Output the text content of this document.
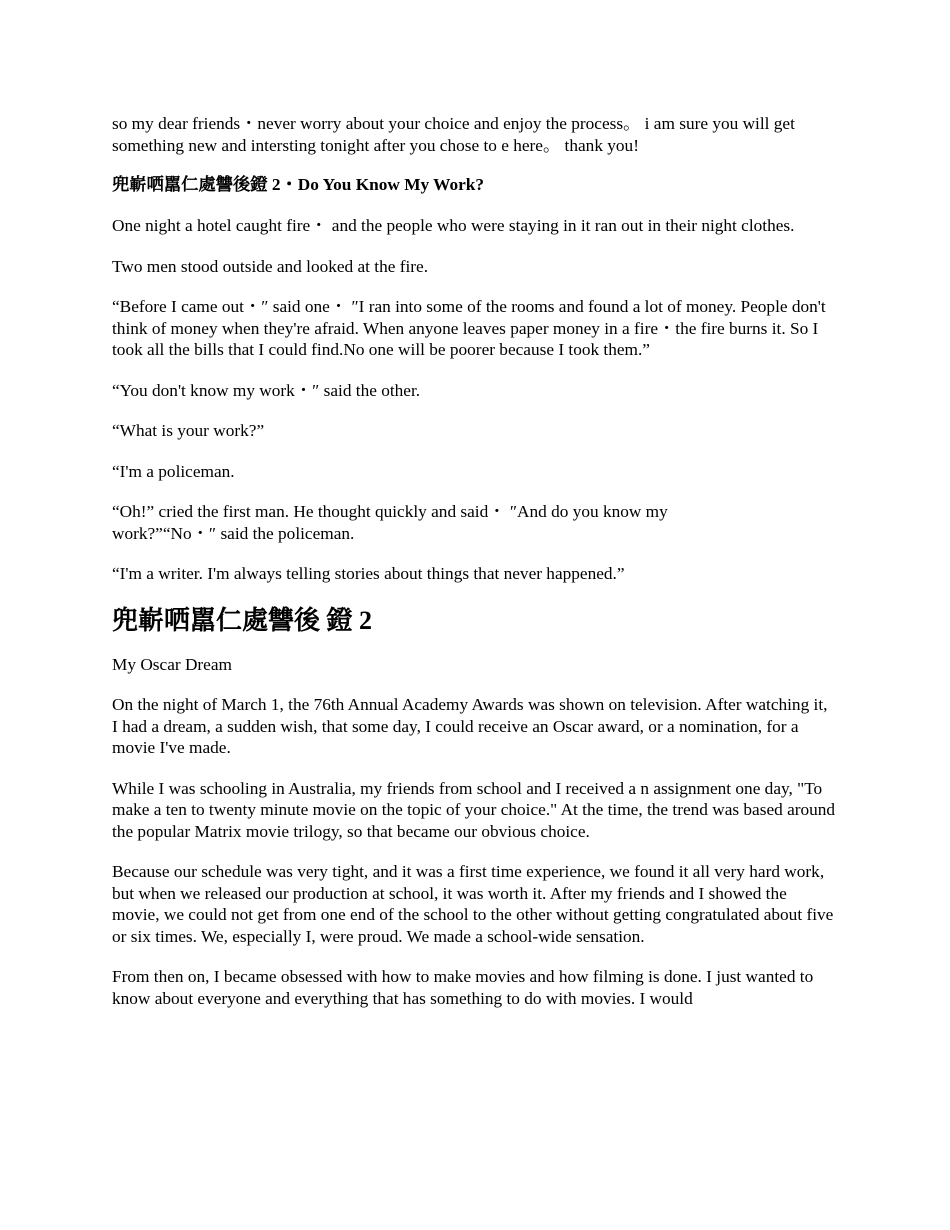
so my dear friends・never worry about your choice and enjoy the process。 i am sure you will get something new and intersting tonight after you chose to e here。 thank you!

兜嶄哂嚚仁處讐後鐙 2・Do You Know My Work?

One night a hotel caught fire・ and the people who were staying in it ran out in their night clothes.

Two men stood outside and looked at the fire.

“Before I came out・″ said one・ ″I ran into some of the rooms and found a lot of money. People don't think of money when they're afraid. When anyone leaves paper money in a fire・the fire burns it. So I took all the bills that I could find.No one will be poorer because I took them.”

“You don't know my work・″ said the other.

“What is your work?”

“I'm a policeman.

“Oh!” cried the first man. He thought quickly and said・ ″And do you know my work?”“No・″ said the policeman.

“I'm a writer. I'm always telling stories about things that never happened.”

兜嶄哂嚚仁處讐後 鐙 2

My Oscar Dream

On the night of March 1, the 76th Annual Academy Awards was shown on television. After watching it, I had a dream, a sudden wish, that some day, I could receive an Oscar award, or a nomination, for a movie I've made.

While I was schooling in Australia, my friends from school and I received a n assignment one day, "To make a ten to twenty minute movie on the topic of your choice." At the time, the trend was based around the popular Matrix movie trilogy, so that became our obvious choice.

Because our schedule was very tight, and it was a first time experience, we found it all very hard work, but when we released our production at school, it was worth it. After my friends and I showed the movie, we could not get from one end of the school to the other without getting congratulated about five or six times. We, especially I, were proud. We made a school-wide sensation.

From then on, I became obsessed with how to make movies and how filming is done. I just wanted to know about everyone and everything that has something to do with movies. I would
